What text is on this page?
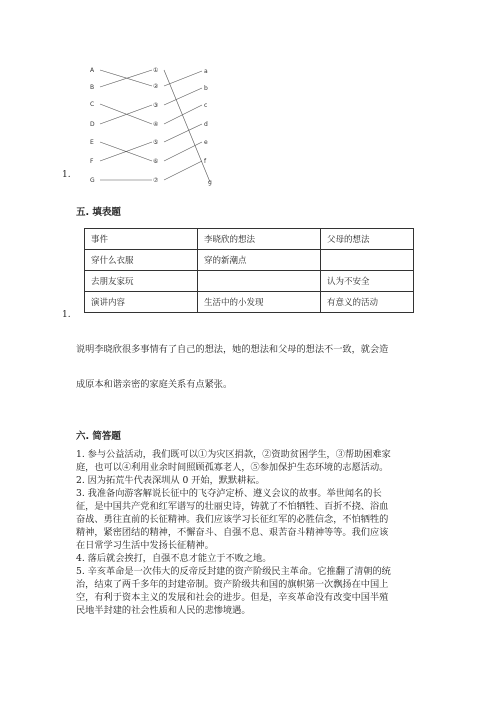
A
B
C
D
E
F
G
①
②
③
④
⑤
⑥
⑦
a
b
c
d
e
f
g
1.
五. 填表题
1.
事件	李晓欣的想法	父母的想法
穿什么衣服	穿的新潮点	
去朋友家玩		认为不安全
演讲内容	生活中的小发现	有意义的活动
说明李晓欣很多事情有了自己的想法，她的想法和父母的想法不一致，就会造
成原本和谐亲密的家庭关系有点紧张。
六. 简答题

1. 参与公益活动，我们既可以①为灾区捐款，②资助贫困学生，③帮助困难家

庭，也可以④利用业余时间照顾孤寡老人，⑤参加保护生态环境的志愿活动。

2. 因为拓荒牛代表深圳从 0 开始，默默耕耘。

3. 我准备向游客解说长征中的飞夺泸定桥、遵义会议的故事。举世闻名的长

征，是中国共产党和红军谱写的壮丽史诗，铸就了不怕牺牲、百折不挠、浴血

奋战、勇往直前的长征精神。我们应该学习长征红军的必胜信念，不怕牺牲的

精神，紧密团结的精神，不懈奋斗、自强不息、艰苦奋斗精神等等。我们应该

在日常学习生活中发扬长征精神。

4. 落后就会挨打，自强不息才能立于不败之地。

5. 辛亥革命是一次伟大的反帝反封建的资产阶级民主革命。它推翻了清朝的统

治，结束了两千多年的封建帝制。资产阶级共和国的旗帜第一次飘扬在中国上

空，有利于资本主义的发展和社会的进步。但是，辛亥革命没有改变中国半殖

民地半封建的社会性质和人民的悲惨境遇。
